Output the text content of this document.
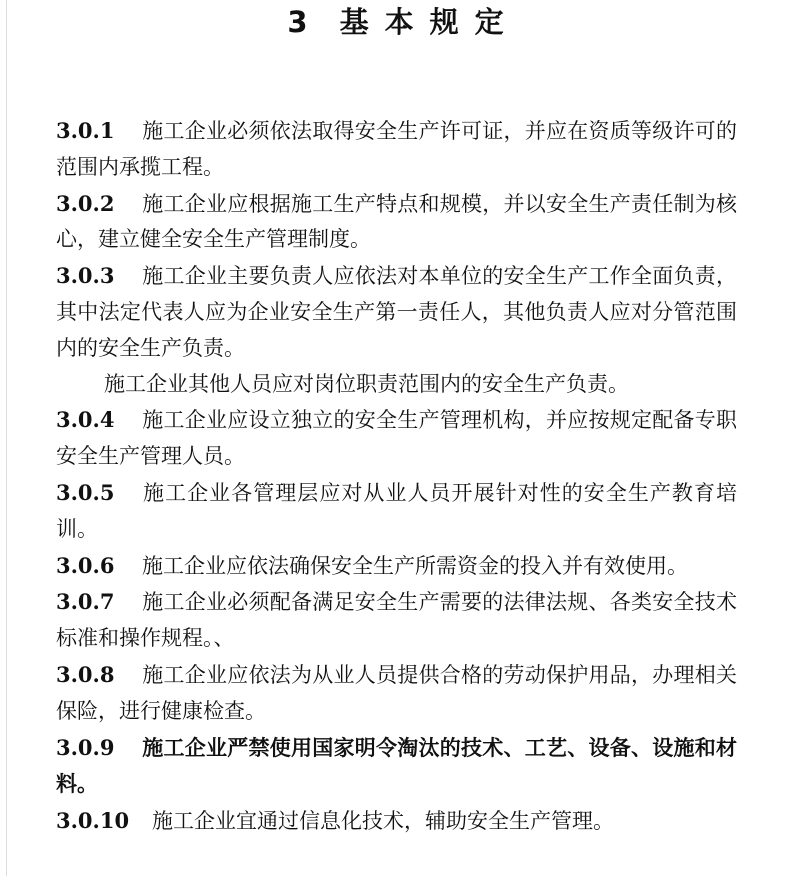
3 基本规定

3.0.1 施工企业必须依法取得安全生产许可证，并应在资质等级许可的范围内承揽工程。

3.0.2 施工企业应根据施工生产特点和规模，并以安全生产责任制为核心，建立健全安全生产管理制度。

3.0.3 施工企业主要负责人应依法对本单位的安全生产工作全面负责，其中法定代表人应为企业安全生产第一责任人，其他负责人应对分管范围内的安全生产负责。

施工企业其他人员应对岗位职责范围内的安全生产负责。

3.0.4 施工企业应设立独立的安全生产管理机构，并应按规定配备专职安全生产管理人员。

3.0.5 施工企业各管理层应对从业人员开展针对性的安全生产教育培训。

3.0.6 施工企业应依法确保安全生产所需资金的投入并有效使用。

3.0.7 施工企业必须配备满足安全生产需要的法律法规、各类安全技术标准和操作规程。、

3.0.8 施工企业应依法为从业人员提供合格的劳动保护用品，办理相关保险，进行健康检查。

3.0.9 施工企业严禁使用国家明令淘汰的技术、工艺、设备、设施和材料。

3.0.10 施工企业宜通过信息化技术，辅助安全生产管理。
